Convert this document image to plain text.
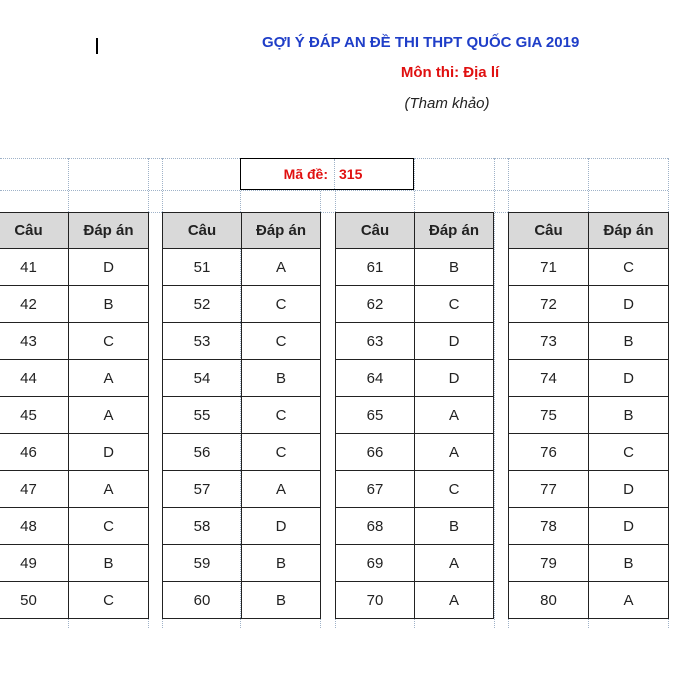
GỢI Ý ĐÁP AN ĐỀ THI THPT QUỐC GIA 2019
Môn thi: Địa lí
(Tham khảo)
Mã đề: 315
Câu	Đáp án
41	D
42	B
43	C
44	A
45	A
46	D
47	A
48	C
49	B
50	C
Câu	Đáp án
51	A
52	C
53	C
54	B
55	C
56	C
57	A
58	D
59	B
60	B
Câu	Đáp án
61	B
62	C
63	D
64	D
65	A
66	A
67	C
68	B
69	A
70	A
Câu	Đáp án
71	C
72	D
73	B
74	D
75	B
76	C
77	D
78	D
79	B
80	A
